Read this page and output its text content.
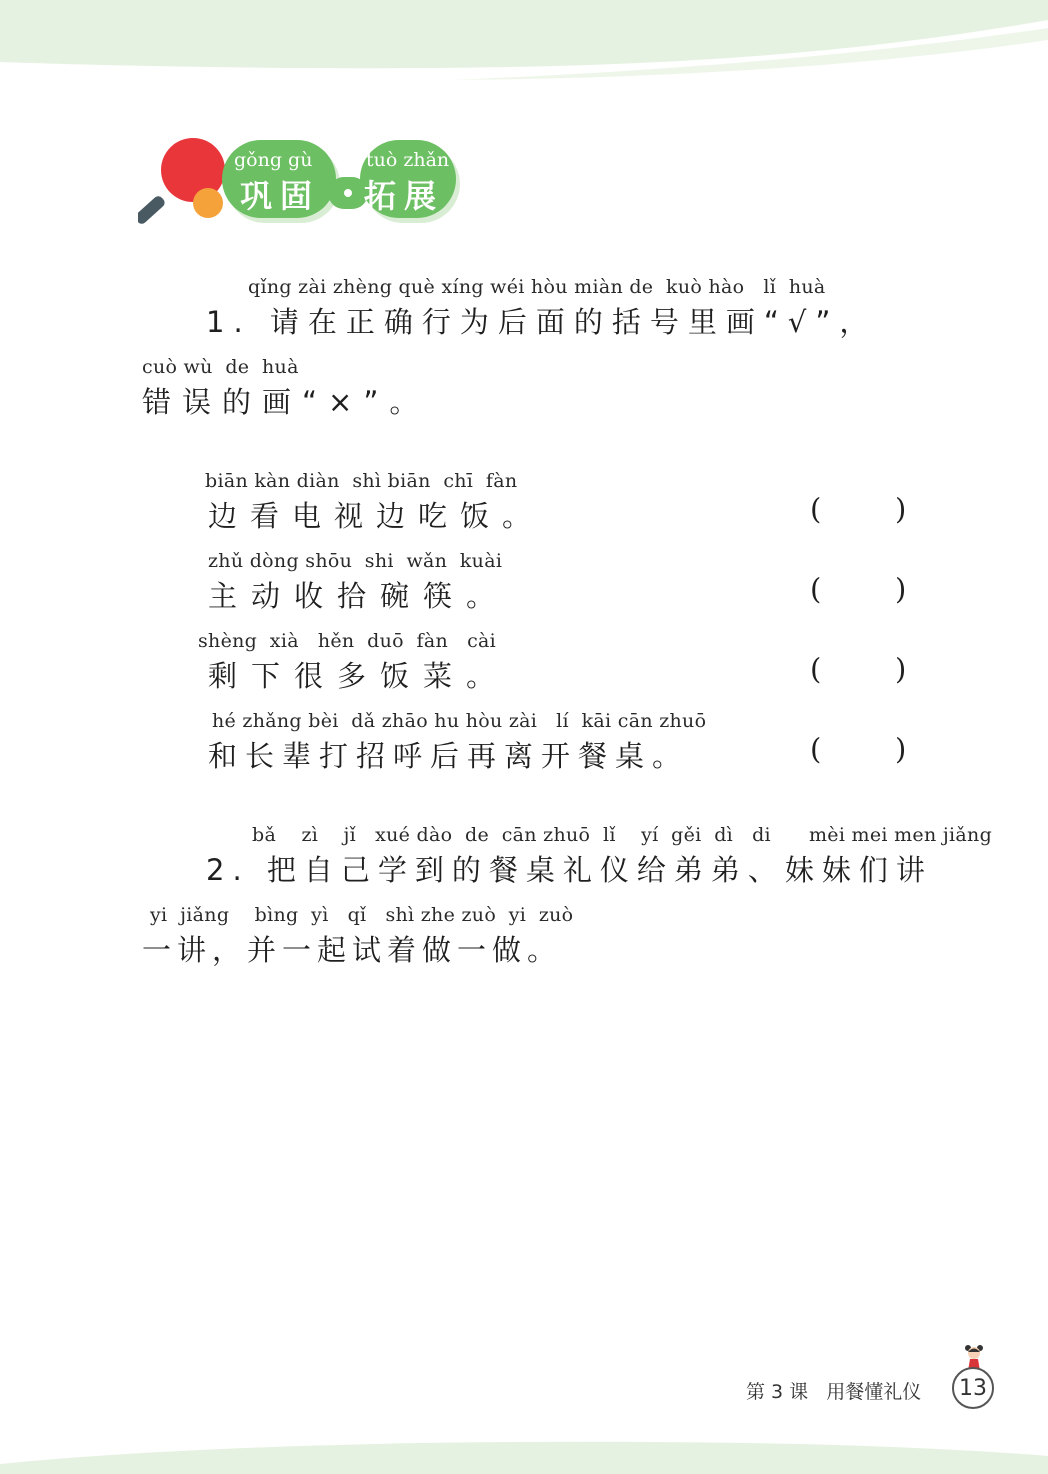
gǒng gù	tuò zhǎn
巩固 拓展
qǐng zài zhèng què xíng wéi hòu miàn de  kuò hào   lǐ  huà
1. 请在正确行为后面的括号里画“√”，
cuò wù  de  huà
错误的画“×”。
biān kàn diàn  shì biān  chī  fàn
边看电视边吃饭。	(        )
zhǔ dòng shōu  shi  wǎn  kuài
主动收拾碗筷。	(        )
shèng  xià   hěn  duō  fàn   cài
剩下很多饭菜。	(        )
hé zhǎng bèi  dǎ zhāo hu hòu zài   lí  kāi cān zhuō
和长辈打招呼后再离开餐桌。	(        )
bǎ    zì    jǐ   xué dào  de  cān zhuō  lǐ    yí  gěi  dì   di      mèi mei men jiǎng
2. 把自己学到的餐桌礼仪给弟弟、妹妹们讲
yi  jiǎng    bìng  yì   qǐ   shì zhe zuò  yi  zuò
一讲，并一起试着做一做。
第 3 课   用餐懂礼仪 13
